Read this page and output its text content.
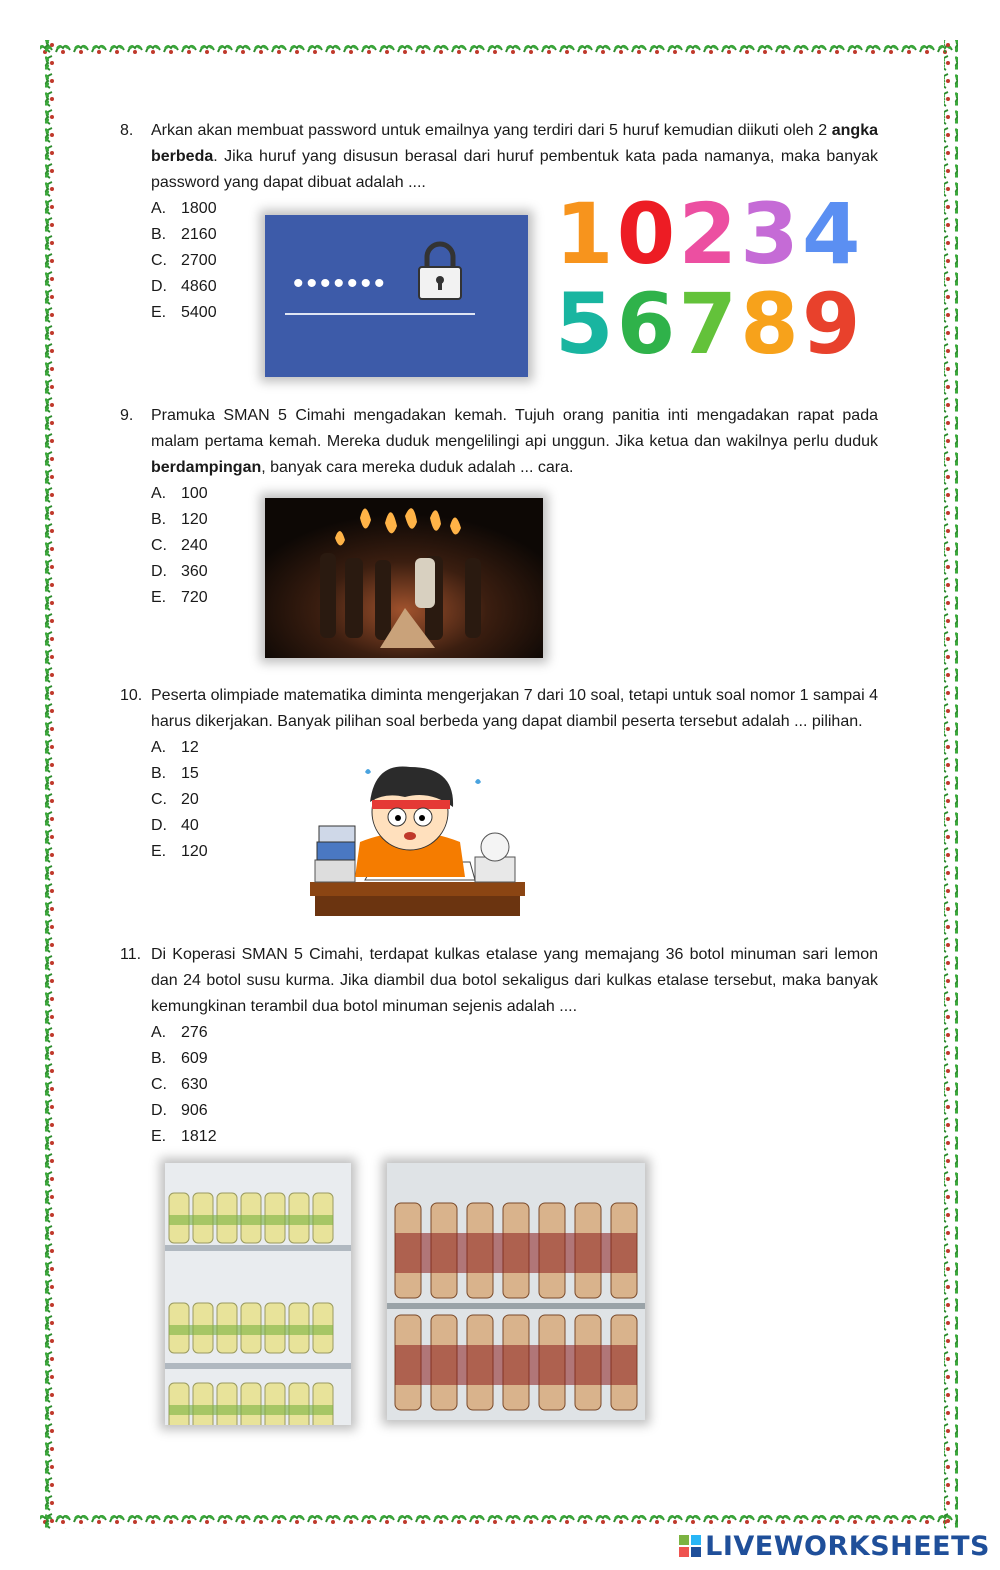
8. Arkan akan membuat password untuk emailnya yang terdiri dari 5 huruf kemudian diikuti oleh 2 angka berbeda. Jika huruf yang disusun berasal dari huruf pembentuk kata pada namanya, maka banyak password yang dapat dibuat adalah ....
A. 1800
B. 2160
C. 2700
D. 4860
E. 5400
•••••••
1 0 2 3 4
5 6 7 8 9
9. Pramuka SMAN 5 Cimahi mengadakan kemah. Tujuh orang panitia inti mengadakan rapat pada malam pertama kemah. Mereka duduk mengelilingi api unggun. Jika ketua dan wakilnya perlu duduk berdampingan, banyak cara mereka duduk adalah ... cara.
A. 100
B. 120
C. 240
D. 360
E. 720
10. Peserta olimpiade matematika diminta mengerjakan 7 dari 10 soal, tetapi untuk soal nomor 1 sampai 4 harus dikerjakan. Banyak pilihan soal berbeda yang dapat diambil peserta tersebut adalah ... pilihan.
A. 12
B. 15
C. 20
D. 40
E. 120
11. Di Koperasi SMAN 5 Cimahi, terdapat kulkas etalase yang memajang 36 botol minuman sari lemon dan 24 botol susu kurma. Jika diambil dua botol sekaligus dari kulkas etalase tersebut, maka banyak kemungkinan terambil dua botol minuman sejenis adalah ....
A. 276
B. 609
C. 630
D. 906
E. 1812
LIVEWORKSHEETS
